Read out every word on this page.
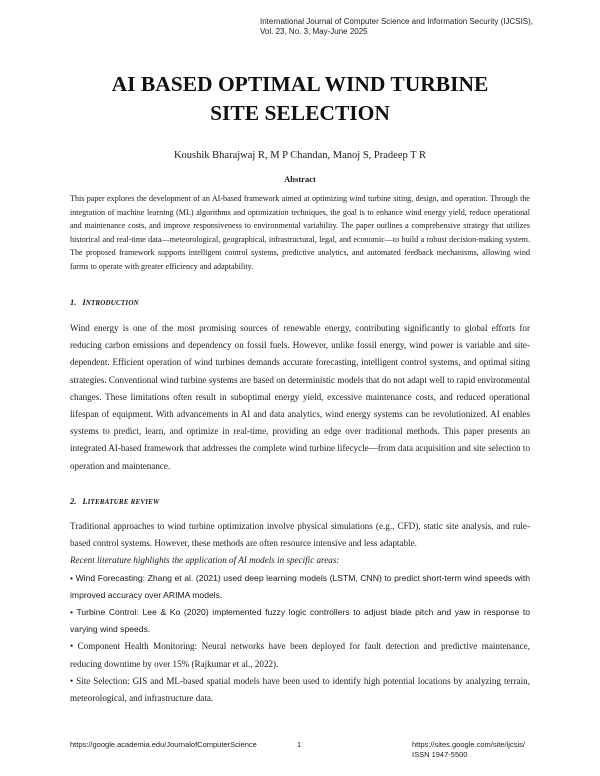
International Journal of Computer Science and Information Security (IJCSIS),
Vol. 23, No. 3, May-June 2025
AI BASED OPTIMAL WIND TURBINE
SITE SELECTION
Koushik Bharajwaj R, M P Chandan, Manoj S, Pradeep T R
Abstract
This paper explores the development of an AI-based framework aimed at optimizing wind turbine siting, design, and operation. Through the integration of machine learning (ML) algorithms and optimization techniques, the goal is to enhance wind energy yield, reduce operational and maintenance costs, and improve responsiveness to environmental variability. The paper outlines a comprehensive strategy that utilizes historical and real-time data—meteorological, geographical, infrastructural, legal, and economic—to build a robust decision-making system. The proposed framework supports intelligent control systems, predictive analytics, and automated feedback mechanisms, allowing wind farms to operate with greater efficiency and adaptability.
1. INTRODUCTION
Wind energy is one of the most promising sources of renewable energy, contributing significantly to global efforts for reducing carbon emissions and dependency on fossil fuels. However, unlike fossil energy, wind power is variable and site-dependent. Efficient operation of wind turbines demands accurate forecasting, intelligent control systems, and optimal siting strategies. Conventional wind turbine systems are based on deterministic models that do not adapt well to rapid environmental changes. These limitations often result in suboptimal energy yield, excessive maintenance costs, and reduced operational lifespan of equipment. With advancements in AI and data analytics, wind energy systems can be revolutionized. AI enables systems to predict, learn, and optimize in real-time, providing an edge over traditional methods. This paper presents an integrated AI-based framework that addresses the complete wind turbine lifecycle—from data acquisition and site selection to operation and maintenance.
2. LITERATURE REVIEW

Traditional approaches to wind turbine optimization involve physical simulations (e.g., CFD), static site analysis, and rule-based control systems. However, these methods are often resource intensive and less adaptable.

Recent literature highlights the application of AI models in specific areas:

• Wind Forecasting: Zhang et al. (2021) used deep learning models (LSTM, CNN) to predict short-term wind speeds with improved accuracy over ARIMA models.

• Turbine Control: Lee & Ko (2020) implemented fuzzy logic controllers to adjust blade pitch and yaw in response to varying wind speeds.

• Component Health Monitoring: Neural networks have been deployed for fault detection and predictive maintenance, reducing downtime by over 15% (Rajkumar et al., 2022).

• Site Selection: GIS and ML-based spatial models have been used to identify high potential locations by analyzing terrain, meteorological, and infrastructure data.

https://google.academia.edu/JournalofComputerScience	1	https://sites.google.com/site/ijcsis/
ISSN 1947-5500
